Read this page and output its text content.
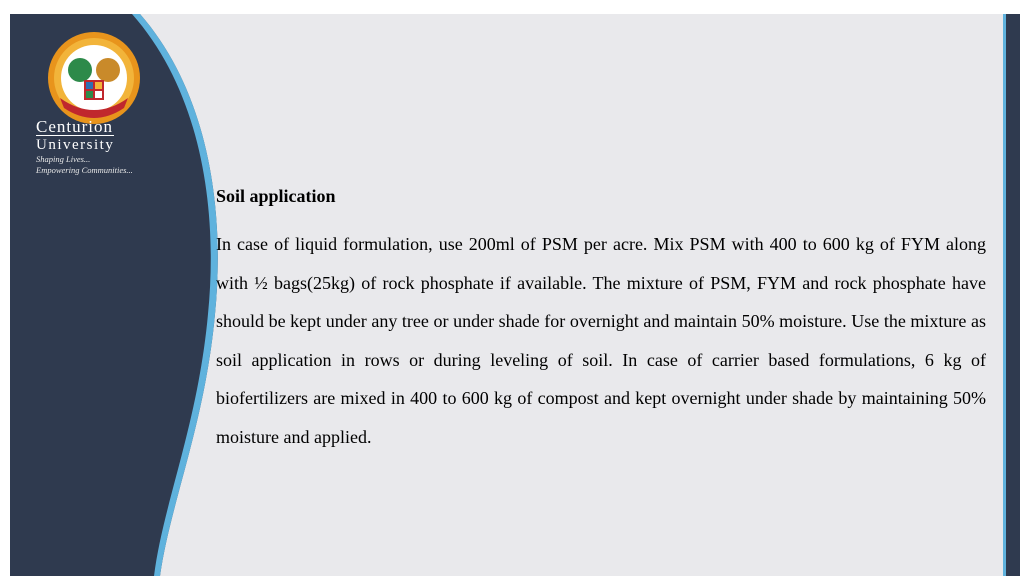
Centurion
University
Shaping Lives...
Empowering Communities...

Soil application

In case of liquid formulation, use 200ml of PSM per acre. Mix PSM with 400 to 600 kg of FYM along with ½ bags(25kg) of rock phosphate if available. The mixture of PSM, FYM and rock phosphate have should be kept under any tree or under shade for overnight and maintain 50% moisture. Use the mixture as soil application in rows or during leveling of soil. In case of carrier based formulations, 6 kg of biofertilizers are mixed in 400 to 600 kg of compost and kept overnight under shade by maintaining 50% moisture and applied.
